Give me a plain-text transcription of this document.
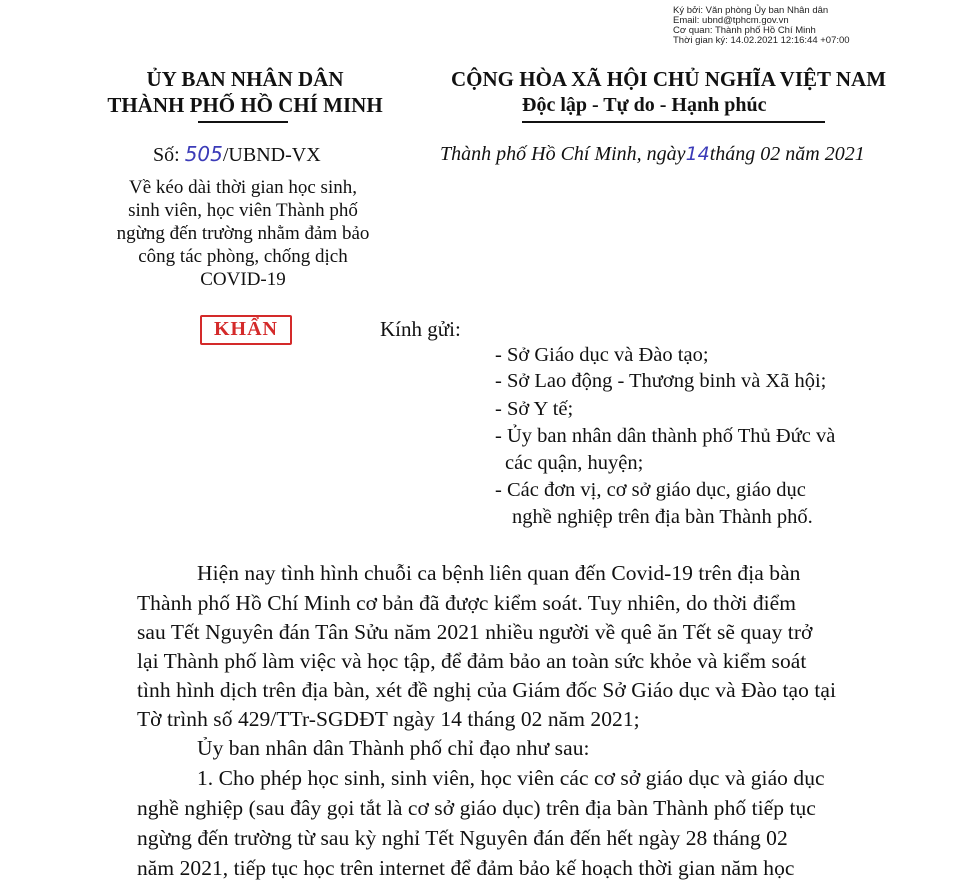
Ký bởi: Văn phòng Ủy ban Nhân dân
Email: ubnd@tphcm.gov.vn
Cơ quan: Thành phố Hồ Chí Minh
Thời gian ký: 14.02.2021 12:16:44 +07:00
ỦY BAN NHÂN DÂN
THÀNH PHỐ HỒ CHÍ MINH
CỘNG HÒA XÃ HỘI CHỦ NGHĨA VIỆT NAM
Độc lập - Tự do - Hạnh phúc
Số: 505/UBND-VX	Thành phố Hồ Chí Minh, ngày14tháng 02 năm 2021
Về kéo dài thời gian học sinh,
sinh viên, học viên Thành phố
ngừng đến trường nhằm đảm bảo
công tác phòng, chống dịch
COVID-19
KHẨN	Kính gửi:
- Sở Giáo dục và Đào tạo;
- Sở Lao động - Thương binh và Xã hội;
- Sở Y tế;
- Ủy ban nhân dân thành phố Thủ Đức và
các quận, huyện;
- Các đơn vị, cơ sở giáo dục, giáo dục
nghề nghiệp trên địa bàn Thành phố.
Hiện nay tình hình chuỗi ca bệnh liên quan đến Covid-19 trên địa bàn
Thành phố Hồ Chí Minh cơ bản đã được kiểm soát. Tuy nhiên, do thời điểm
sau Tết Nguyên đán Tân Sửu năm 2021 nhiều người về quê ăn Tết sẽ quay trở
lại Thành phố làm việc và học tập, để đảm bảo an toàn sức khỏe và kiểm soát
tình hình dịch trên địa bàn, xét đề nghị của Giám đốc Sở Giáo dục và Đào tạo tại
Tờ trình số 429/TTr-SGDĐT ngày 14 tháng 02 năm 2021;
Ủy ban nhân dân Thành phố chỉ đạo như sau:
1. Cho phép học sinh, sinh viên, học viên các cơ sở giáo dục và giáo dục
nghề nghiệp (sau đây gọi tắt là cơ sở giáo dục) trên địa bàn Thành phố tiếp tục
ngừng đến trường từ sau kỳ nghỉ Tết Nguyên đán đến hết ngày 28 tháng 02
năm 2021, tiếp tục học trên internet để đảm bảo kế hoạch thời gian năm học
